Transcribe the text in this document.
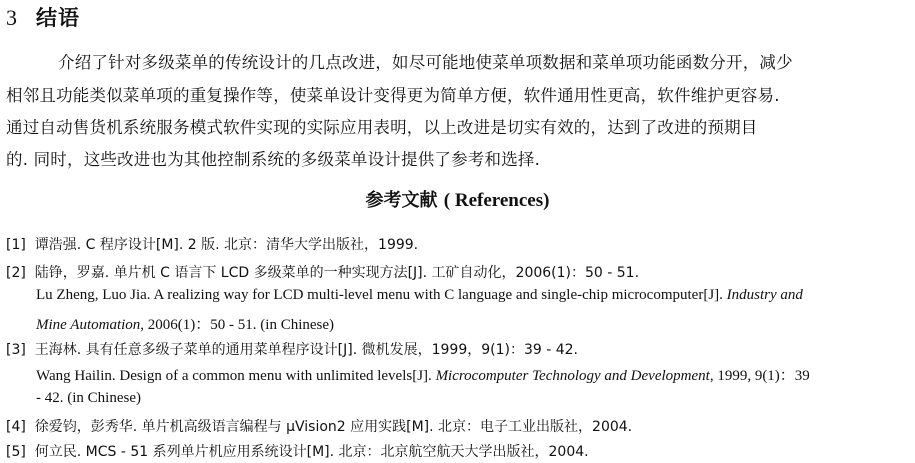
3 结语
介绍了针对多级菜单的传统设计的几点改进，如尽可能地使菜单项数据和菜单项功能函数分开，减少
相邻且功能类似菜单项的重复操作等，使菜单设计变得更为简单方便，软件通用性更高，软件维护更容易.
通过自动售货机系统服务模式软件实现的实际应用表明，以上改进是切实有效的，达到了改进的预期目
的. 同时，这些改进也为其他控制系统的多级菜单设计提供了参考和选择.
参考文献 ( References)
[1] 谭浩强. C 程序设计[M]. 2 版. 北京：清华大学出版社，1999.
[2] 陆铮，罗嘉. 单片机 C 语言下 LCD 多级菜单的一种实现方法[J]. 工矿自动化，2006(1)：50 - 51.
Lu Zheng, Luo Jia. A realizing way for LCD multi-level menu with C language and single-chip microcomputer[J]. Industry and
Mine Automation, 2006(1)：50 - 51. (in Chinese)
[3] 王海林. 具有任意多级子菜单的通用菜单程序设计[J]. 微机发展，1999，9(1)：39 - 42.
Wang Hailin. Design of a common menu with unlimited levels[J]. Microcomputer Technology and Development, 1999, 9(1)：39
- 42. (in Chinese)
[4] 徐爱钧，彭秀华. 单片机高级语言编程与 μVision2 应用实践[M]. 北京：电子工业出版社，2004.
[5] 何立民. MCS - 51 系列单片机应用系统设计[M]. 北京：北京航空航天大学出版社，2004.
